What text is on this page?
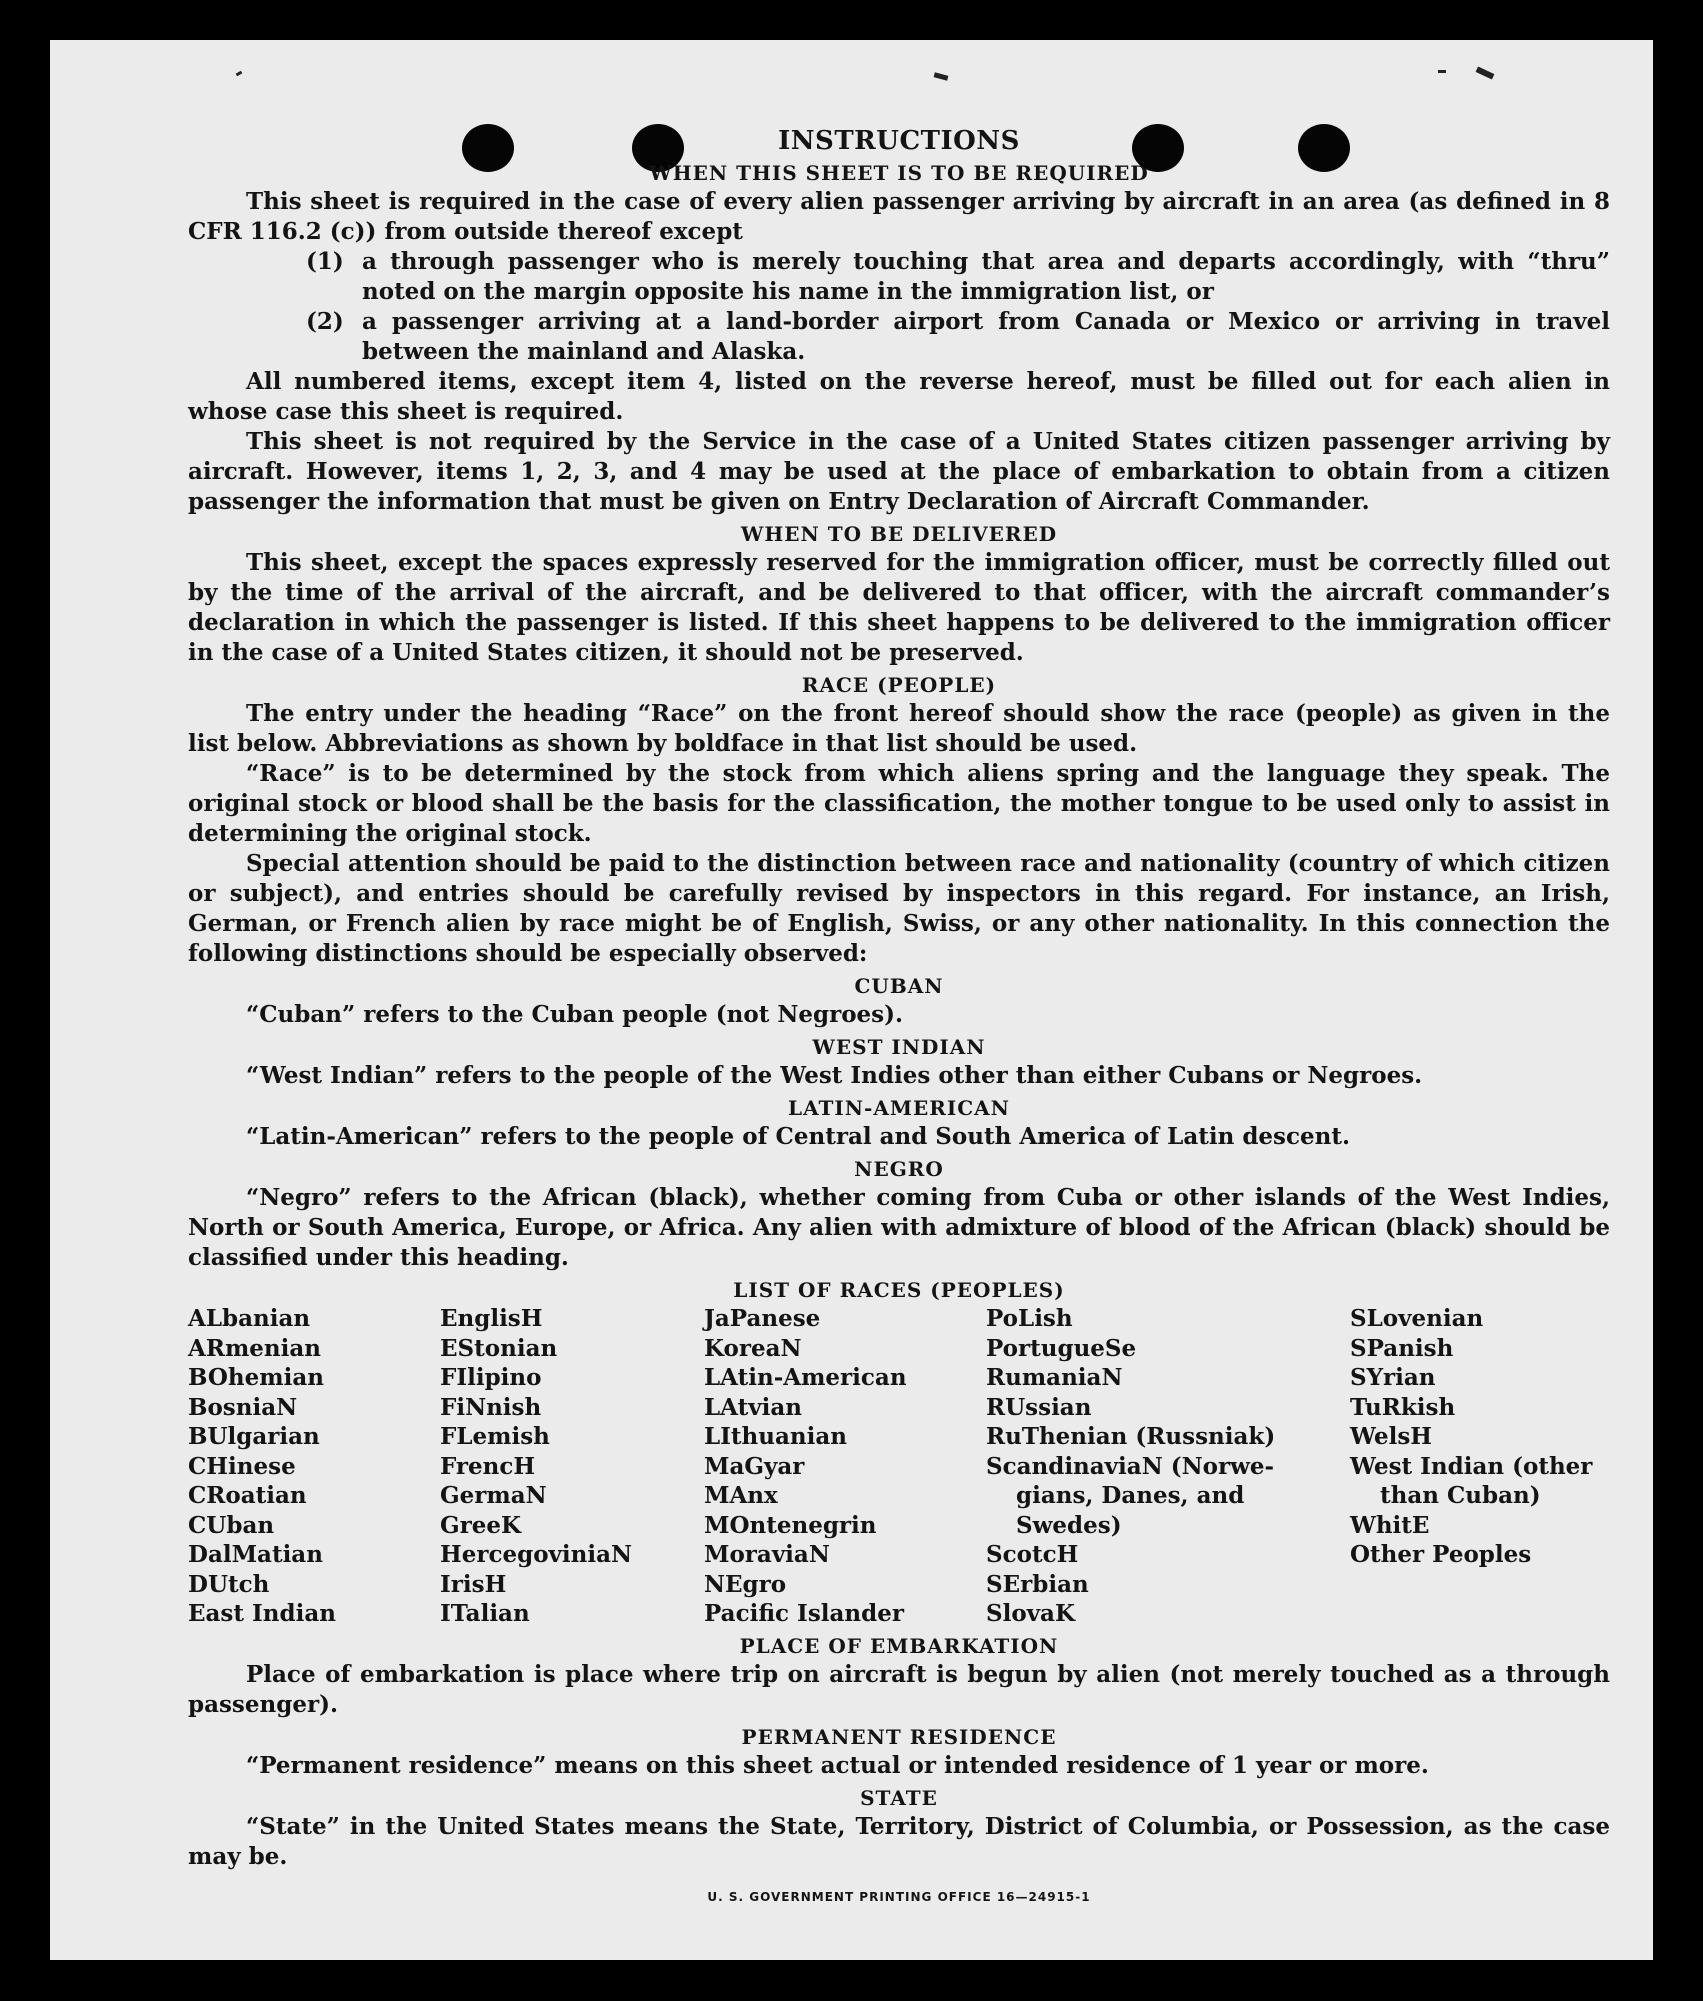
INSTRUCTIONS
WHEN THIS SHEET IS TO BE REQUIRED

This sheet is required in the case of every alien passenger arriving by aircraft in an area (as defined in 8 CFR 116.2 (c)) from outside thereof except

(1) a through passenger who is merely touching that area and departs accordingly, with “thru” noted on the margin opposite his name in the immigration list, or
(2) a passenger arriving at a land-border airport from Canada or Mexico or arriving in travel between the mainland and Alaska.

All numbered items, except item 4, listed on the reverse hereof, must be filled out for each alien in whose case this sheet is required.

This sheet is not required by the Service in the case of a United States citizen passenger arriving by aircraft. However, items 1, 2, 3, and 4 may be used at the place of embarkation to obtain from a citizen passenger the information that must be given on Entry Declaration of Aircraft Commander.

WHEN TO BE DELIVERED

This sheet, except the spaces expressly reserved for the immigration officer, must be correctly filled out by the time of the arrival of the aircraft, and be delivered to that officer, with the aircraft commander’s declaration in which the passenger is listed. If this sheet happens to be delivered to the immigration officer in the case of a United States citizen, it should not be preserved.

RACE (PEOPLE)

The entry under the heading “Race” on the front hereof should show the race (people) as given in the list below. Abbreviations as shown by boldface in that list should be used.

“Race” is to be determined by the stock from which aliens spring and the language they speak. The original stock or blood shall be the basis for the classification, the mother tongue to be used only to assist in determining the original stock.

Special attention should be paid to the distinction between race and nationality (country of which citizen or subject), and entries should be carefully revised by inspectors in this regard. For instance, an Irish, German, or French alien by race might be of English, Swiss, or any other nationality. In this connection the following distinctions should be especially observed:

CUBAN

“Cuban” refers to the Cuban people (not Negroes).

WEST INDIAN

“West Indian” refers to the people of the West Indies other than either Cubans or Negroes.

LATIN-AMERICAN

“Latin-American” refers to the people of Central and South America of Latin descent.

NEGRO

“Negro” refers to the African (black), whether coming from Cuba or other islands of the West Indies, North or South America, Europe, or Africa. Any alien with admixture of blood of the African (black) should be classified under this heading.

LIST OF RACES (PEOPLES)
ALbanian
ARmenian
BOhemian
BosniaN
BUlgarian
CHinese
CRoatian
CUban
DalMatian
DUtch
East Indian
EnglisH
EStonian
FIlipino
FiNnish
FLemish
FrencH
GermaN
GreeK
HercegoviniaN
IrisH
ITalian
JaPanese
KoreaN
LAtin-American
LAtvian
LIthuanian
MaGyar
MAnx
MOntenegrin
MoraviaN
NEgro
Pacific Islander
PoLish
PortugueSe
RumaniaN
RUssian
RuThenian (Russniak)
ScandinaviaN (Norwe-
gians, Danes, and
Swedes)
ScotcH
SErbian
SlovaK
SLovenian
SPanish
SYrian
TuRkish
WelsH
West Indian (other
than Cuban)
WhitE
Other Peoples
PLACE OF EMBARKATION

Place of embarkation is place where trip on aircraft is begun by alien (not merely touched as a through passenger).

PERMANENT RESIDENCE

“Permanent residence” means on this sheet actual or intended residence of 1 year or more.

STATE

“State” in the United States means the State, Territory, District of Columbia, or Possession, as the case may be.

U. S. GOVERNMENT PRINTING OFFICE 16—24915-1
